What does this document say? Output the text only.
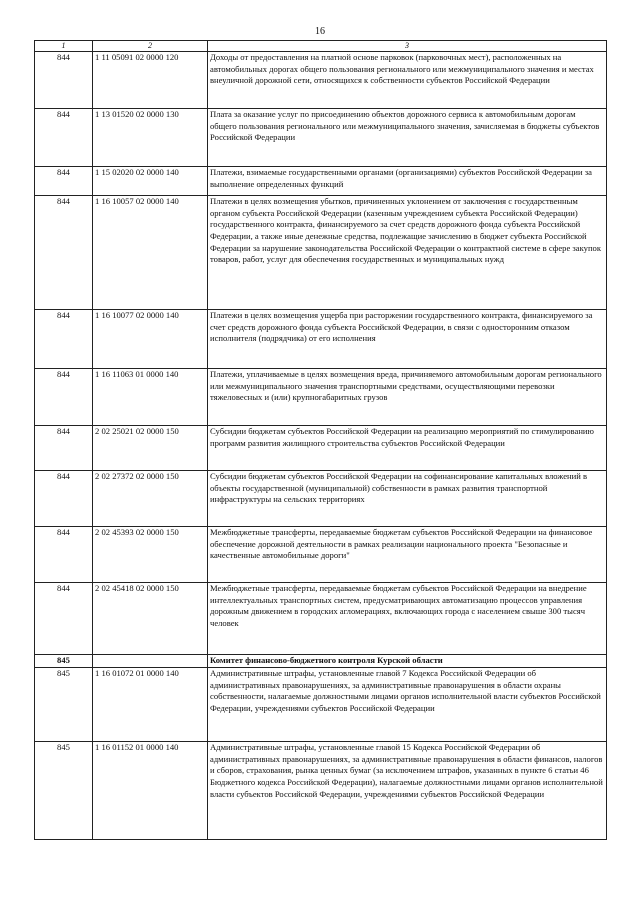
16
1	2	3
844	1 11 05091 02 0000 120	Доходы от предоставления на платной основе парковок (парковочных мест), расположенных на автомобильных дорогах общего пользования регионального или межмуниципального значения и местах внеуличной дорожной сети, относящихся к собственности субъектов Российской Федерации
844	1 13 01520 02 0000 130	Плата за оказание услуг по присоединению объектов дорожного сервиса к автомобильным дорогам общего пользования регионального или межмуниципального значения, зачисляемая в бюджеты субъектов Российской Федерации
844	1 15 02020 02 0000 140	Платежи, взимаемые государственными органами (организациями) субъектов Российской Федерации за выполнение определенных функций
844	1 16 10057 02 0000 140	Платежи в целях возмещения убытков, причиненных уклонением от заключения с государственным органом субъекта Российской Федерации (казенным учреждением субъекта Российской Федерации) государственного контракта, финансируемого за счет средств дорожного фонда субъекта Российской Федерации, а также иные денежные средства, подлежащие зачислению в бюджет субъекта Российской Федерации за нарушение законодательства Российской Федерации о контрактной системе в сфере закупок товаров, работ, услуг для обеспечения государственных и муниципальных нужд
844	1 16 10077 02 0000 140	Платежи в целях возмещения ущерба при расторжении государственного контракта, финансируемого за счет средств дорожного фонда субъекта Российской Федерации, в связи с односторонним отказом исполнителя (подрядчика) от его исполнения
844	1 16 11063 01 0000 140	Платежи, уплачиваемые в целях возмещения вреда, причиняемого автомобильным дорогам регионального или межмуниципального значения транспортными средствами, осуществляющими перевозки тяжеловесных и (или) крупногабаритных грузов
844	2 02 25021 02 0000 150	Субсидии бюджетам субъектов Российской Федерации на реализацию мероприятий по стимулированию программ развития жилищного строительства субъектов Российской Федерации
844	2 02 27372 02 0000 150	Субсидии бюджетам субъектов Российской Федерации на софинансирование капитальных вложений в объекты государственной (муниципальной) собственности в рамках развития транспортной инфраструктуры на сельских территориях
844	2 02 45393 02 0000 150	Межбюджетные трансферты, передаваемые бюджетам субъектов Российской Федерации на финансовое обеспечение дорожной деятельности в рамках реализации национального проекта "Безопасные и качественные автомобильные дороги"
844	2 02 45418 02 0000 150	Межбюджетные трансферты, передаваемые бюджетам субъектов Российской Федерации на внедрение интеллектуальных транспортных систем, предусматривающих автоматизацию процессов управления дорожным движением в городских агломерациях, включающих города с населением свыше 300 тысяч человек
845		Комитет финансово-бюджетного контроля Курской области
845	1 16 01072 01 0000 140	Административные штрафы, установленные главой 7 Кодекса Российской Федерации об административных правонарушениях, за административные правонарушения в области охраны собственности, налагаемые должностными лицами органов исполнительной власти субъектов Российской Федерации, учреждениями субъектов Российской Федерации
845	1 16 01152 01 0000 140	Административные штрафы, установленные главой 15 Кодекса Российской Федерации об административных правонарушениях, за административные правонарушения в области финансов, налогов и сборов, страхования, рынка ценных бумаг (за исключением штрафов, указанных в пункте 6 статьи 46 Бюджетного кодекса Российской Федерации), налагаемые должностными лицами органов исполнительной власти субъектов Российской Федерации, учреждениями субъектов Российской Федерации
